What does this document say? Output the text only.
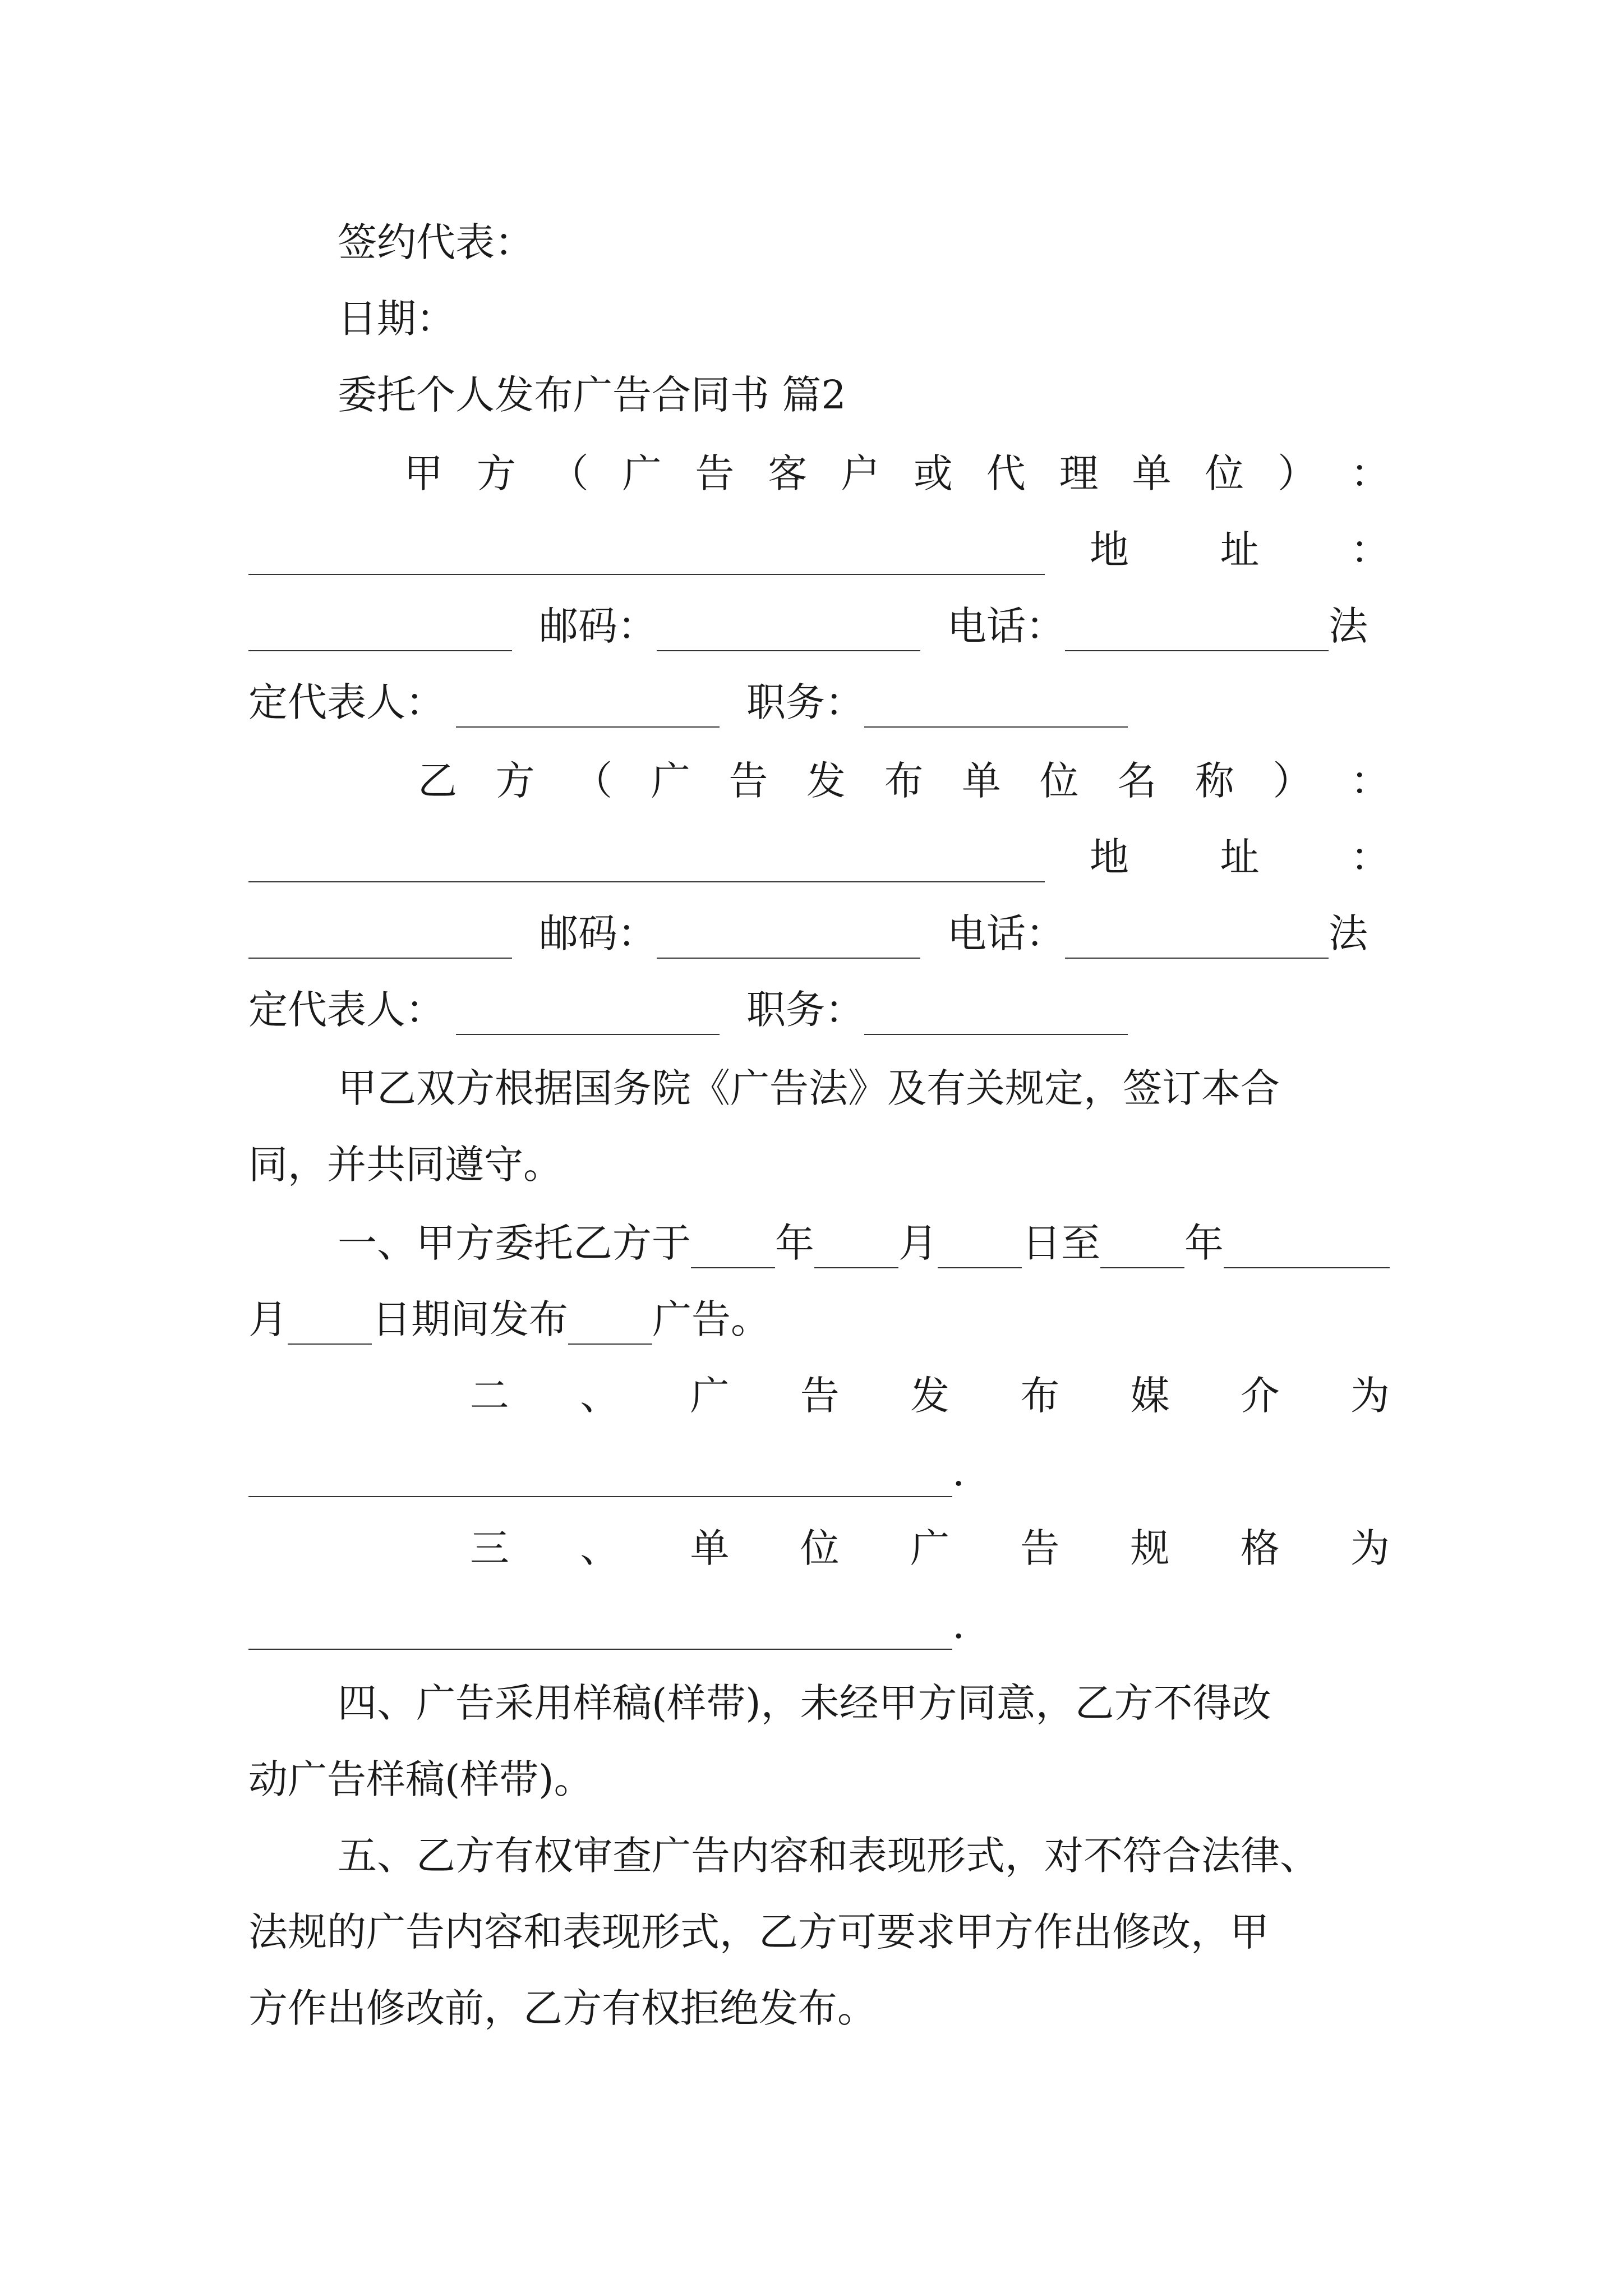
签约代表：
日期：
委托个人发布广告合同书 篇2
甲 方 （ 广 告 客 户 或 代 理 单 位 ） ：
地 址 ：
邮码：	电话：	法
定代表人：	职务：
乙 方 （ 广 告 发 布 单 位 名 称 ） ：
地 址 ：
邮码：	电话：	法
定代表人：	职务：
甲乙双方根据国务院《广告法》及有关规定，签订本合
同，并共同遵守。
一、甲方委托乙方于 年 月 日至 年
月 日期间发布 广告。
二 、 广 告 发 布 媒 介 为
.
三 、 单 位 广 告 规 格 为
.
四、广告采用样稿(样带)，未经甲方同意，乙方不得改
动广告样稿(样带)。
五、乙方有权审查广告内容和表现形式，对不符合法律、
法规的广告内容和表现形式，乙方可要求甲方作出修改，甲
方作出修改前，乙方有权拒绝发布。
